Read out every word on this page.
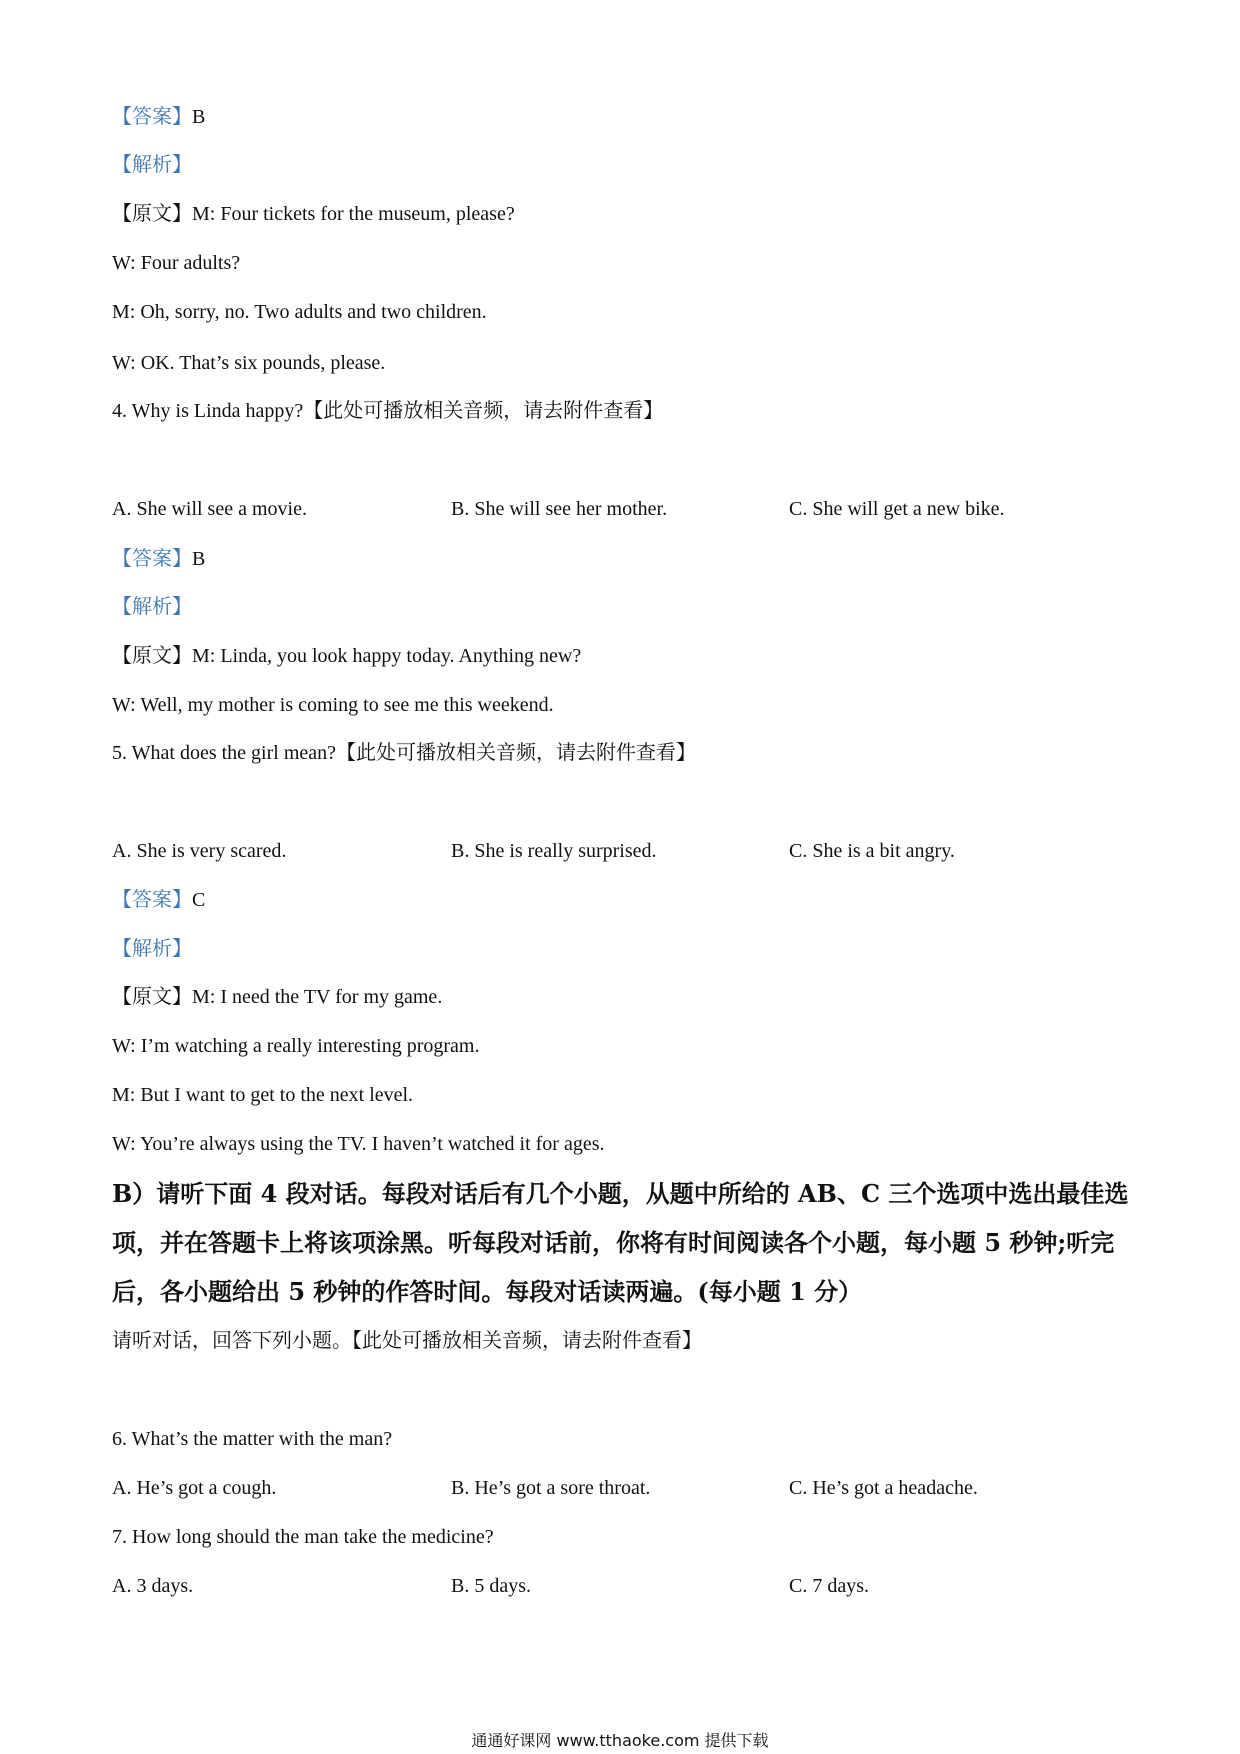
【答案】B
【解析】
【原文】M: Four tickets for the museum, please?
W: Four adults?
M: Oh, sorry, no. Two adults and two children.
W: OK. That’s six pounds, please.
4. Why is Linda happy?【此处可播放相关音频，请去附件查看】
A. She will see a movie.	B. She will see her mother.	C. She will get a new bike.
【答案】B
【解析】
【原文】M: Linda, you look happy today. Anything new?
W: Well, my mother is coming to see me this weekend.
5. What does the girl mean?【此处可播放相关音频，请去附件查看】
A. She is very scared.	B. She is really surprised.	C. She is a bit angry.
【答案】C
【解析】
【原文】M: I need the TV for my game.
W: I’m watching a really interesting program.
M: But I want to get to the next level.
W: You’re always using the TV. I haven’t watched it for ages.
B）请听下面 4 段对话。每段对话后有几个小题，从题中所给的 AB、C 三个选项中选出最佳选
项，并在答题卡上将该项涂黑。听每段对话前，你将有时间阅读各个小题，每小题 5 秒钟;听完
后，各小题给出 5 秒钟的作答时间。每段对话读两遍。(每小题 1 分）
请听对话，回答下列小题。【此处可播放相关音频，请去附件查看】
6. What’s the matter with the man?
A. He’s got a cough.	B. He’s got a sore throat.	C. He’s got a headache.
7. How long should the man take the medicine?
A. 3 days.	B. 5 days.	C. 7 days.
通通好课网 www.tthaoke.com 提供下载
